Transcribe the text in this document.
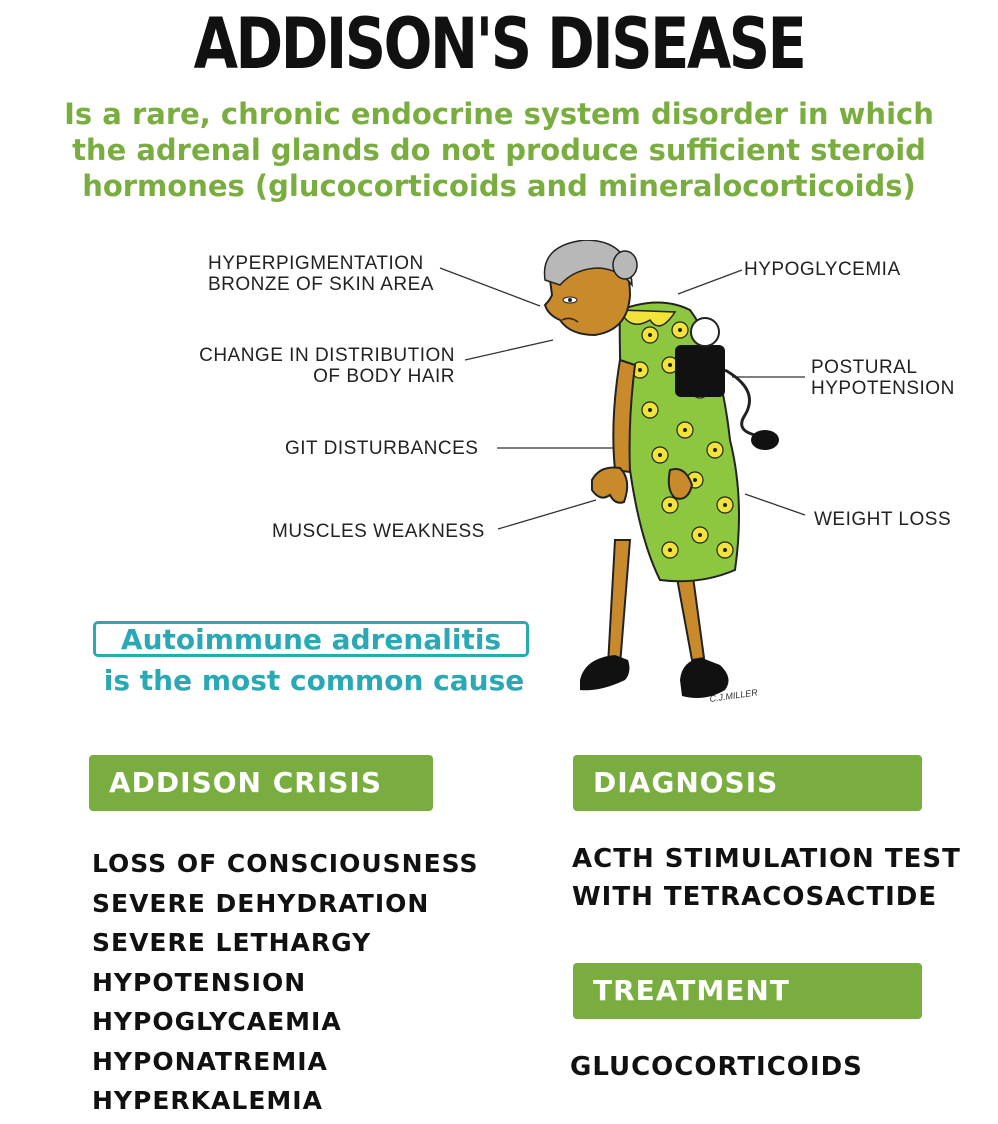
ADDISON'S DISEASE
Is a rare, chronic endocrine system disorder in which the adrenal glands do not produce sufficient steroid hormones (glucocorticoids and mineralocorticoids)
HYPERPIGMENTATION
BRONZE OF SKIN AREA
CHANGE IN DISTRIBUTION
OF BODY HAIR
GIT DISTURBANCES
MUSCLES WEAKNESS
HYPOGLYCEMIA
POSTURAL
HYPOTENSION
WEIGHT LOSS
C.J.MILLER
Autoimmune adrenalitis
is the most common cause
ADDISON CRISIS
LOSS OF CONSCIOUSNESS
SEVERE DEHYDRATION
SEVERE LETHARGY
HYPOTENSION
HYPOGLYCAEMIA
HYPONATREMIA
HYPERKALEMIA
DIAGNOSIS
ACTH STIMULATION TEST
WITH TETRACOSACTIDE
TREATMENT
GLUCOCORTICOIDS
